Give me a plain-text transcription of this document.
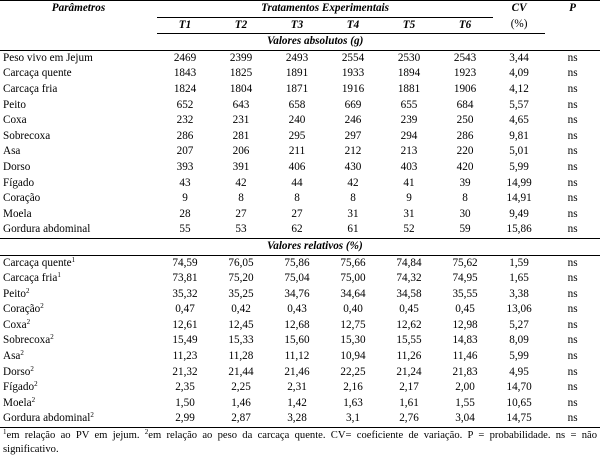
Parâmetros	Tratamentos Experimentais						CV	P
	T1	T2	T3	T4	T5	T6	(%)	
	Valores absolutos (g)							
Peso vivo em Jejum	2469	2399	2493	2554	2530	2543	3,44	ns
Carcaça quente	1843	1825	1891	1933	1894	1923	4,09	ns
Carcaça fria	1824	1804	1871	1916	1881	1906	4,12	ns
Peito	652	643	658	669	655	684	5,57	ns
Coxa	232	231	240	246	239	250	4,65	ns
Sobrecoxa	286	281	295	297	294	286	9,81	ns
Asa	207	206	211	212	213	220	5,01	ns
Dorso	393	391	406	430	403	420	5,99	ns
Fígado	43	42	44	42	41	39	14,99	ns
Coração	9	8	8	8	9	8	14,91	ns
Moela	28	27	27	31	31	30	9,49	ns
Gordura abdominal	55	53	62	61	52	59	15,86	ns
	Valores relativos (%)							
Carcaça quente$^1$	74,59	76,05	75,86	75,66	74,84	75,62	1,59	ns
Carcaça fria$^1$	73,81	75,20	75,04	75,00	74,32	74,95	1,65	ns
Peito$^2$	35,32	35,25	34,76	34,64	34,58	35,55	3,38	ns
Coração$^2$	0,47	0,42	0,43	0,40	0,45	0,45	13,06	ns
Coxa$^2$	12,61	12,45	12,68	12,75	12,62	12,98	5,27	ns
Sobrecoxa$^2$	15,49	15,33	15,60	15,30	15,55	14,83	8,09	ns
Asa$^2$	11,23	11,28	11,12	10,94	11,26	11,46	5,99	ns
Dorso$^2$	21,32	21,44	21,46	22,25	21,24	21,83	4,95	ns
Fígado$^2$	2,35	2,25	2,31	2,16	2,17	2,00	14,70	ns
Moela$^2$	1,50	1,46	1,42	1,63	1,61	1,55	10,65	ns
Gordura abdominal$^2$	2,99	2,87	3,28	3,1	2,76	3,04	14,75	ns
$^1$em relação ao PV em jejum. $^2$em relação ao peso da carcaça quente. CV= coeficiente de variação. P = probabilidade. ns = não significativo.
